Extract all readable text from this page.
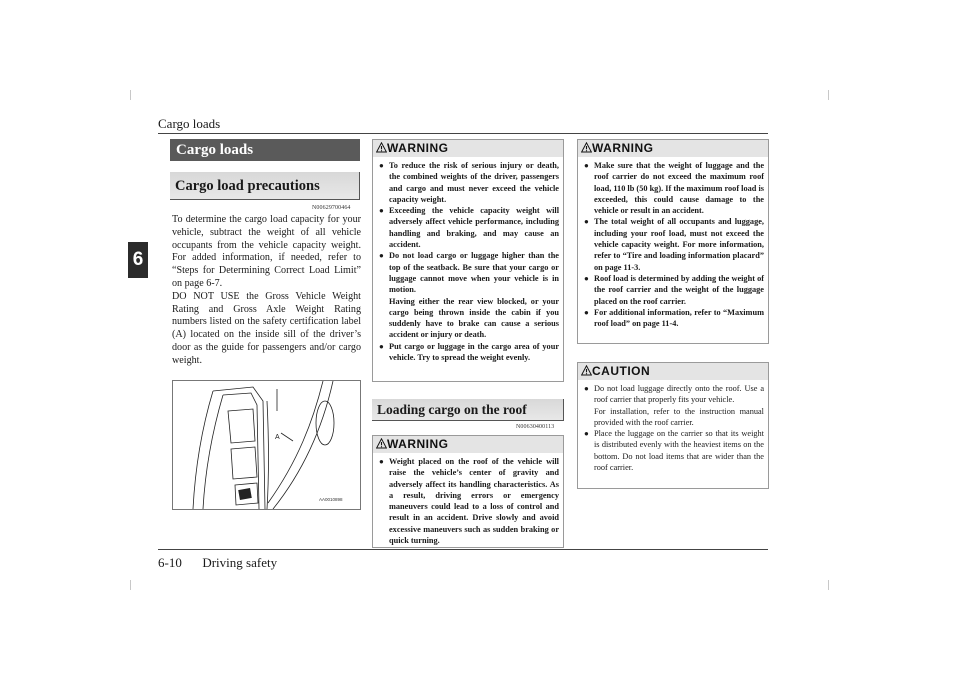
Cargo loads
6
Cargo loads
Cargo load precautions
N00629700464

To determine the cargo load capacity for your vehicle, subtract the weight of all vehicle occupants from the vehicle capacity weight. For added information, if needed, refer to “Steps for Determining Correct Load Limit” on page 6-7.

DO NOT USE the Gross Vehicle Weight Rating and Gross Axle Weight Rating numbers listed on the safety certification label (A) located on the inside sill of the driver’s door as the guide for passengers and/or cargo weight.

A
AA0010898
WARNING

● To reduce the risk of serious injury or death, the combined weights of the driver, passengers and cargo and must never exceed the vehicle capacity weight.

● Exceeding the vehicle capacity weight will adversely affect vehicle performance, including handling and braking, and may cause an accident.

● Do not load cargo or luggage higher than the top of the seatback. Be sure that your cargo or luggage cannot move when your vehicle is in motion.

Having either the rear view blocked, or your cargo being thrown inside the cabin if you suddenly have to brake can cause a serious accident or injury or death.

● Put cargo or luggage in the cargo area of your vehicle. Try to spread the weight evenly.

Loading cargo on the roof
N00630400113
WARNING

● Weight placed on the roof of the vehicle will raise the vehicle’s center of gravity and adversely affect its handling characteristics. As a result, driving errors or emergency maneuvers could lead to a loss of control and result in an accident. Drive slowly and avoid excessive maneuvers such as sudden braking or quick turning.

WARNING

● Make sure that the weight of luggage and the roof carrier do not exceed the maximum roof load, 110 lb (50 kg). If the maximum roof load is exceeded, this could cause damage to the vehicle or result in an accident.

● The total weight of all occupants and luggage, including your roof load, must not exceed the vehicle capacity weight. For more information, refer to “Tire and loading information placard” on page 11-3.

● Roof load is determined by adding the weight of the roof carrier and the weight of the luggage placed on the roof carrier.

● For additional information, refer to “Maximum roof load” on page 11-4.

CAUTION

● Do not load luggage directly onto the roof. Use a roof carrier that properly fits your vehicle.

For installation, refer to the instruction manual provided with the roof carrier.

● Place the luggage on the carrier so that its weight is distributed evenly with the heaviest items on the bottom. Do not load items that are wider than the roof carrier.

6-10 Driving safety
